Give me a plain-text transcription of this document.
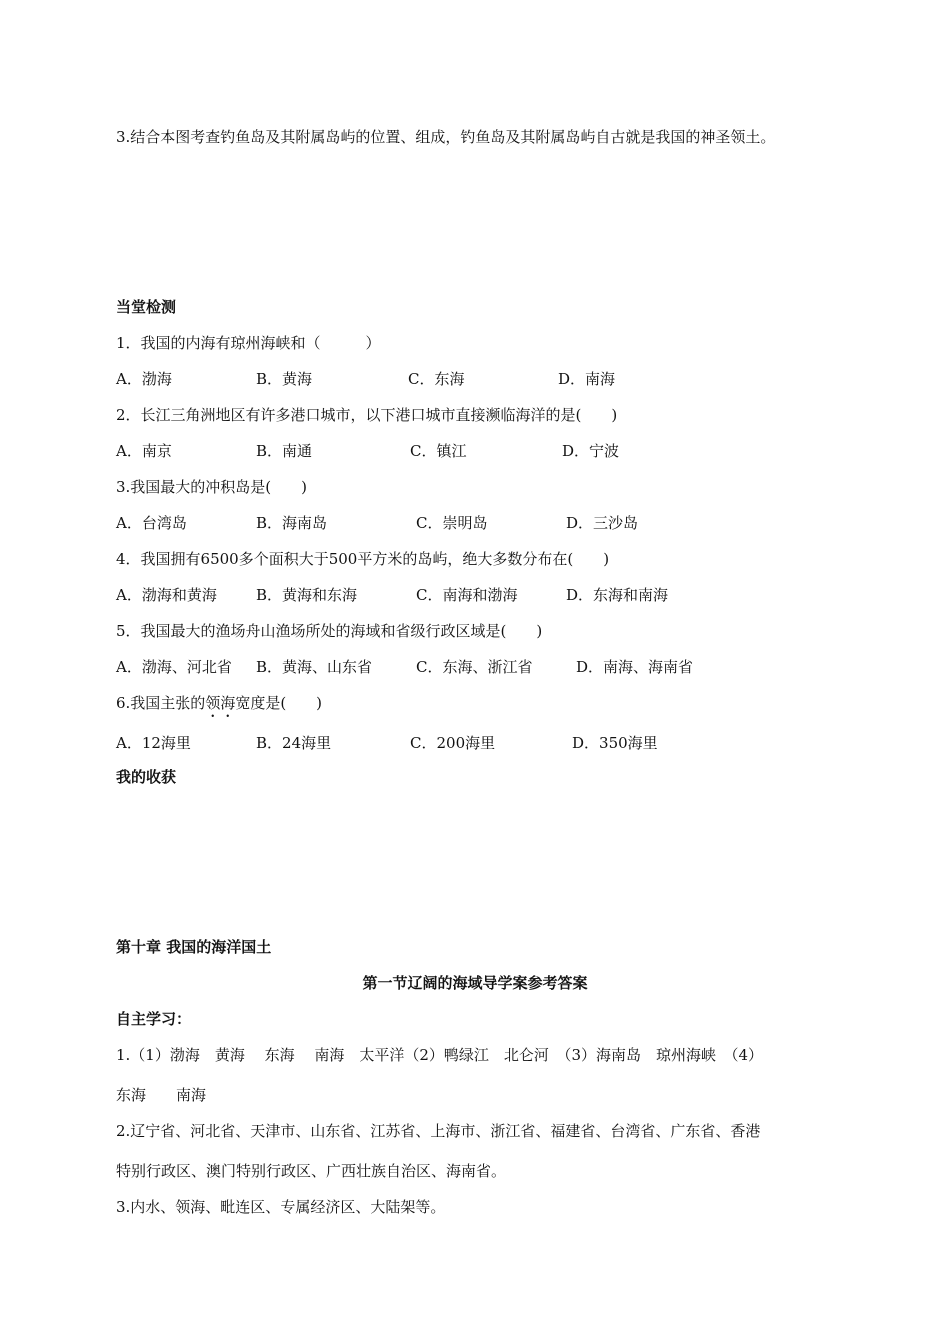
3.结合本图考查钓鱼岛及其附属岛屿的位置、组成，钓鱼岛及其附属岛屿自古就是我国的神圣领土。
当堂检测
1．我国的内海有琼州海峡和（　　　）
A．渤海	B．黄海	C．东海	D．南海
2．长江三角洲地区有许多港口城市，以下港口城市直接濒临海洋的是(　　)
A．南京	B．南通	C．镇江	D．宁波
3.我国最大的冲积岛是(　　)
A．台湾岛	B．海南岛	C．崇明岛	D．三沙岛
4．我国拥有6500多个面积大于500平方米的岛屿，绝大多数分布在(　　)
A．渤海和黄海	B．黄海和东海	C．南海和渤海	D．东海和南海
5．我国最大的渔场舟山渔场所处的海域和省级行政区域是(　　)
A．渤海、河北省 B．黄海、山东省	C．东海、浙江省	D．南海、海南省
6.我国主张的领海宽度是(　　)
A．12海里	B．24海里	C．200海里	D．350海里
我的收获
第十章 我国的海洋国土
第一节辽阔的海域导学案参考答案
自主学习：
1.（1）渤海　黄海　 东海　 南海　太平洋（2）鸭绿江　北仑河　（3）海南岛　琼州海峡　（4）
东海　　南海
2.辽宁省、河北省、天津市、山东省、江苏省、上海市、浙江省、福建省、台湾省、广东省、香港
特别行政区、澳门特别行政区、广西壮族自治区、海南省。
3.内水、领海、毗连区、专属经济区、大陆架等。
